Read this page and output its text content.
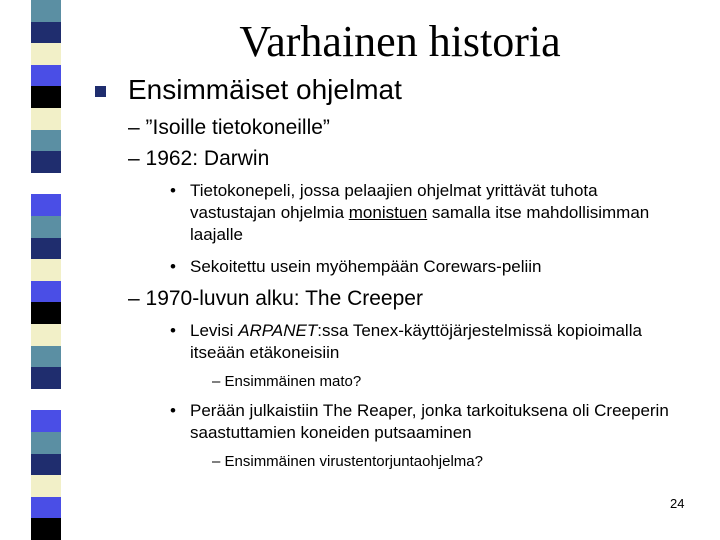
Varhainen historia
Ensimmäiset ohjelmat
– ”Isoille tietokoneille”
– 1962: Darwin
• Tietokonepeli, jossa pelaajien ohjelmat yrittävät tuhota vastustajan ohjelmia monistuen samalla itse mahdollisimman laajalle
• Sekoitettu usein myöhempään Corewars-peliin
– 1970-luvun alku: The Creeper
• Levisi ARPANET:ssa Tenex-käyttöjärjestelmissä kopioimalla itseään etäkoneisiin
– Ensimmäinen mato?
• Perään julkaistiin The Reaper, jonka tarkoituksena oli Creeperin saastuttamien koneiden putsaaminen
– Ensimmäinen virustentorjuntaohjelma?
24
